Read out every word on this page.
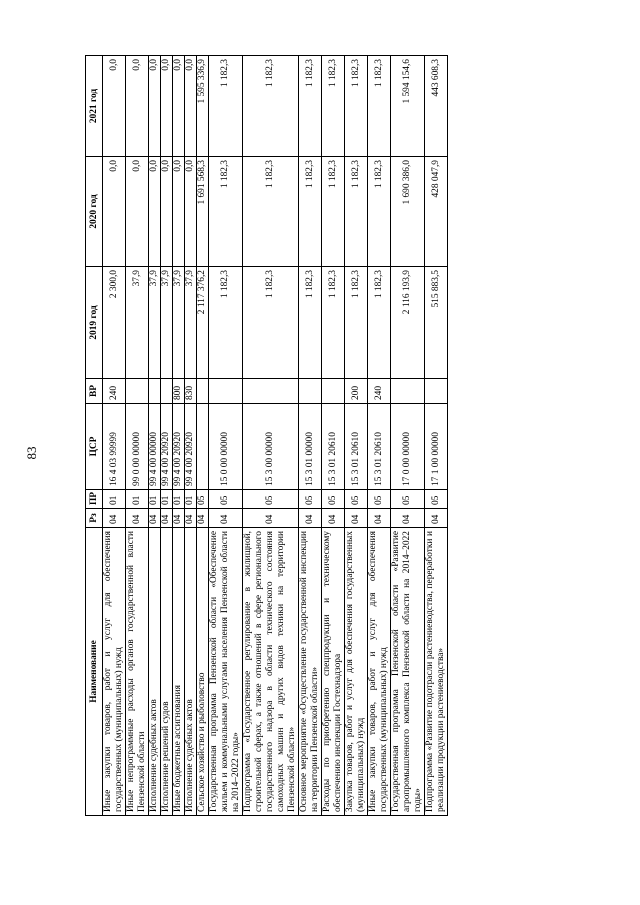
83
Наименование	Рз	ПР	ЦСР	ВР	2019 год	2020 год	2021 год
Иные закупки товаров, работ и услуг для обеспечения государственных (муниципальных) нужд	04	01	16 4 03 99999	240	2 300,0	0,0	0,0
Иные непрограммные расходы органов государственной власти Пензенской области	04	01	99 0 00 00000		37,9	0,0	0,0
Исполнение судебных актов	04	01	99 4 00 00000		37,9	0,0	0,0
Исполнение решений судов	04	01	99 4 00 20920		37,9	0,0	0,0
Иные бюджетные ассигнования	04	01	99 4 00 20920	800	37,9	0,0	0,0
Исполнение судебных актов	04	01	99 4 00 20920	830	37,9	0,0	0,0
Сельское хозяйство и рыболовство	04	05			2 117 376,2	1 691 568,3	1 595 336,9
Государственная программа Пензенской области «Обеспечение жильем и коммунальными услугами населения Пензенской области на 2014–2022 годы»	04	05	15 0 00 00000		1 182,3	1 182,3	1 182,3
Подпрограмма «Государственное регулирование в жилищной, строительной сферах, а также отношений в сфере регионального государственного надзора в области технического состояния самоходных машин и других видов техники на территории Пензенской области»	04	05	15 3 00 00000		1 182,3	1 182,3	1 182,3
Основное мероприятие «Осуществление государственной инспекции на территории Пензенской области»	04	05	15 3 01 00000		1 182,3	1 182,3	1 182,3
Расходы по приобретению спецпродукции и техническому обеспечению инспекции Гостехнадзора	04	05	15 3 01 20610		1 182,3	1 182,3	1 182,3
Закупка товаров, работ и услуг для обеспечения государственных (муниципальных) нужд	04	05	15 3 01 20610	200	1 182,3	1 182,3	1 182,3
Иные закупки товаров, работ и услуг для обеспечения государственных (муниципальных) нужд	04	05	15 3 01 20610	240	1 182,3	1 182,3	1 182,3
Государственная программа Пензенской области «Развитие агропромышленного комплекса Пензенской области на 2014–2022 годы»	04	05	17 0 00 00000		2 116 193,9	1 690 386,0	1 594 154,6
Подпрограмма «Развитие подотрасли растениеводства, переработки и реализации продукции растениеводства»	04	05	17 1 00 00000		515 883,5	428 047,9	443 608,3
